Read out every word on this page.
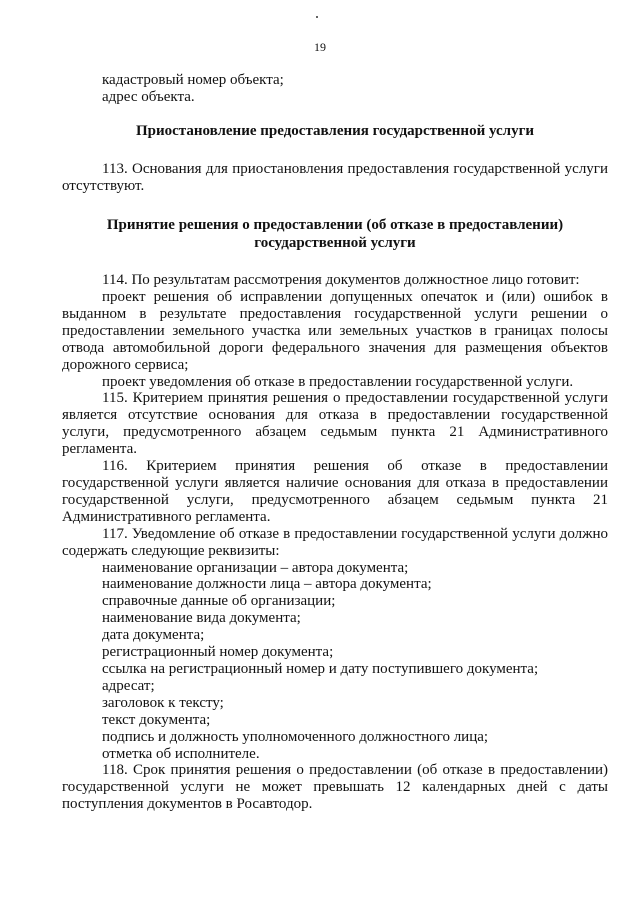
19

кадастровый номер объекта;

адрес объекта.

Приостановление предоставления государственной услуги

113. Основания для приостановления предоставления государственной услуги отсутствуют.

Принятие решения о предоставлении (об отказе в предоставлении)

государственной услуги

114. По результатам рассмотрения документов должностное лицо готовит:

проект решения об исправлении допущенных опечаток и (или) ошибок в выданном в результате предоставления государственной услуги решении о предоставлении земельного участка или земельных участков в границах полосы отвода автомобильной дороги федерального значения для размещения объектов дорожного сервиса;

проект уведомления об отказе в предоставлении государственной услуги.

115. Критерием принятия решения о предоставлении государственной услуги является отсутствие основания для отказа в предоставлении государственной услуги, предусмотренного абзацем седьмым пункта 21 Административного регламента.

116. Критерием принятия решения об отказе в предоставлении государственной услуги является наличие основания для отказа в предоставлении государственной услуги, предусмотренного абзацем седьмым пункта 21 Административного регламента.

117. Уведомление об отказе в предоставлении государственной услуги должно содержать следующие реквизиты:

наименование организации – автора документа;

наименование должности лица – автора документа;

справочные данные об организации;

наименование вида документа;

дата документа;

регистрационный номер документа;

ссылка на регистрационный номер и дату поступившего документа;

адресат;

заголовок к тексту;

текст документа;

подпись и должность уполномоченного должностного лица;

отметка об исполнителе.

118. Срок принятия решения о предоставлении (об отказе в предоставлении) государственной услуги не может превышать 12 календарных дней с даты поступления документов в Росавтодор.
